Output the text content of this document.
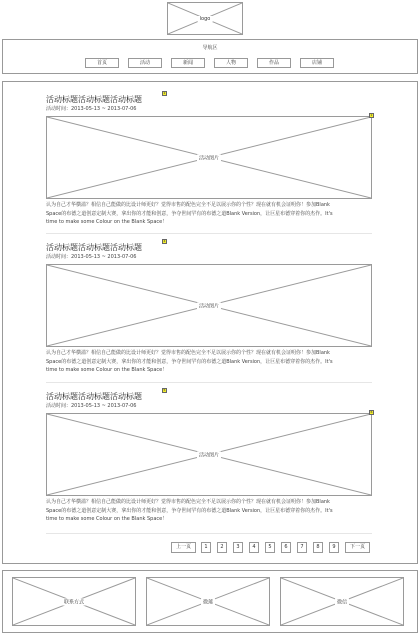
logo
导航区
首页	活动	新闻	人物	作品	店铺
活动标题活动标题活动标题
2
活动时间：2013-05-13 ~ 2013-07-06
活动图片
1
认为自己才华横溢？相信自己能做的比设计师更好？觉得市售的配色完全不足以展示你的个性？现在就有机会证明你！参加Blank Space的布德之道创意定制大赛，拿出你的才能和创意，争夺世间罕有的布德之道Blank Version，让巨星布德穿着你的杰作。It's time to make some Colour on the Blank Space！
活动标题活动标题活动标题
4
活动时间：2013-05-13 ~ 2013-07-06
活动图片
认为自己才华横溢？相信自己能做的比设计师更好？觉得市售的配色完全不足以展示你的个性？现在就有机会证明你！参加Blank Space的布德之道创意定制大赛，拿出你的才能和创意，争夺世间罕有的布德之道Blank Version，让巨星布德穿着你的杰作。It's time to make some Colour on the Blank Space！
活动标题活动标题活动标题
5
活动时间：2013-05-13 ~ 2013-07-06
活动图片
6
认为自己才华横溢？相信自己能做的比设计师更好？觉得市售的配色完全不足以展示你的个性？现在就有机会证明你！参加Blank Space的布德之道创意定制大赛，拿出你的才能和创意，争夺世间罕有的布德之道Blank Version，让巨星布德穿着你的杰作。It's time to make some Colour on the Blank Space！
上一页	1	2	3	4	5	6	7	8	9	下一页
联系方式	微蓮	微信
